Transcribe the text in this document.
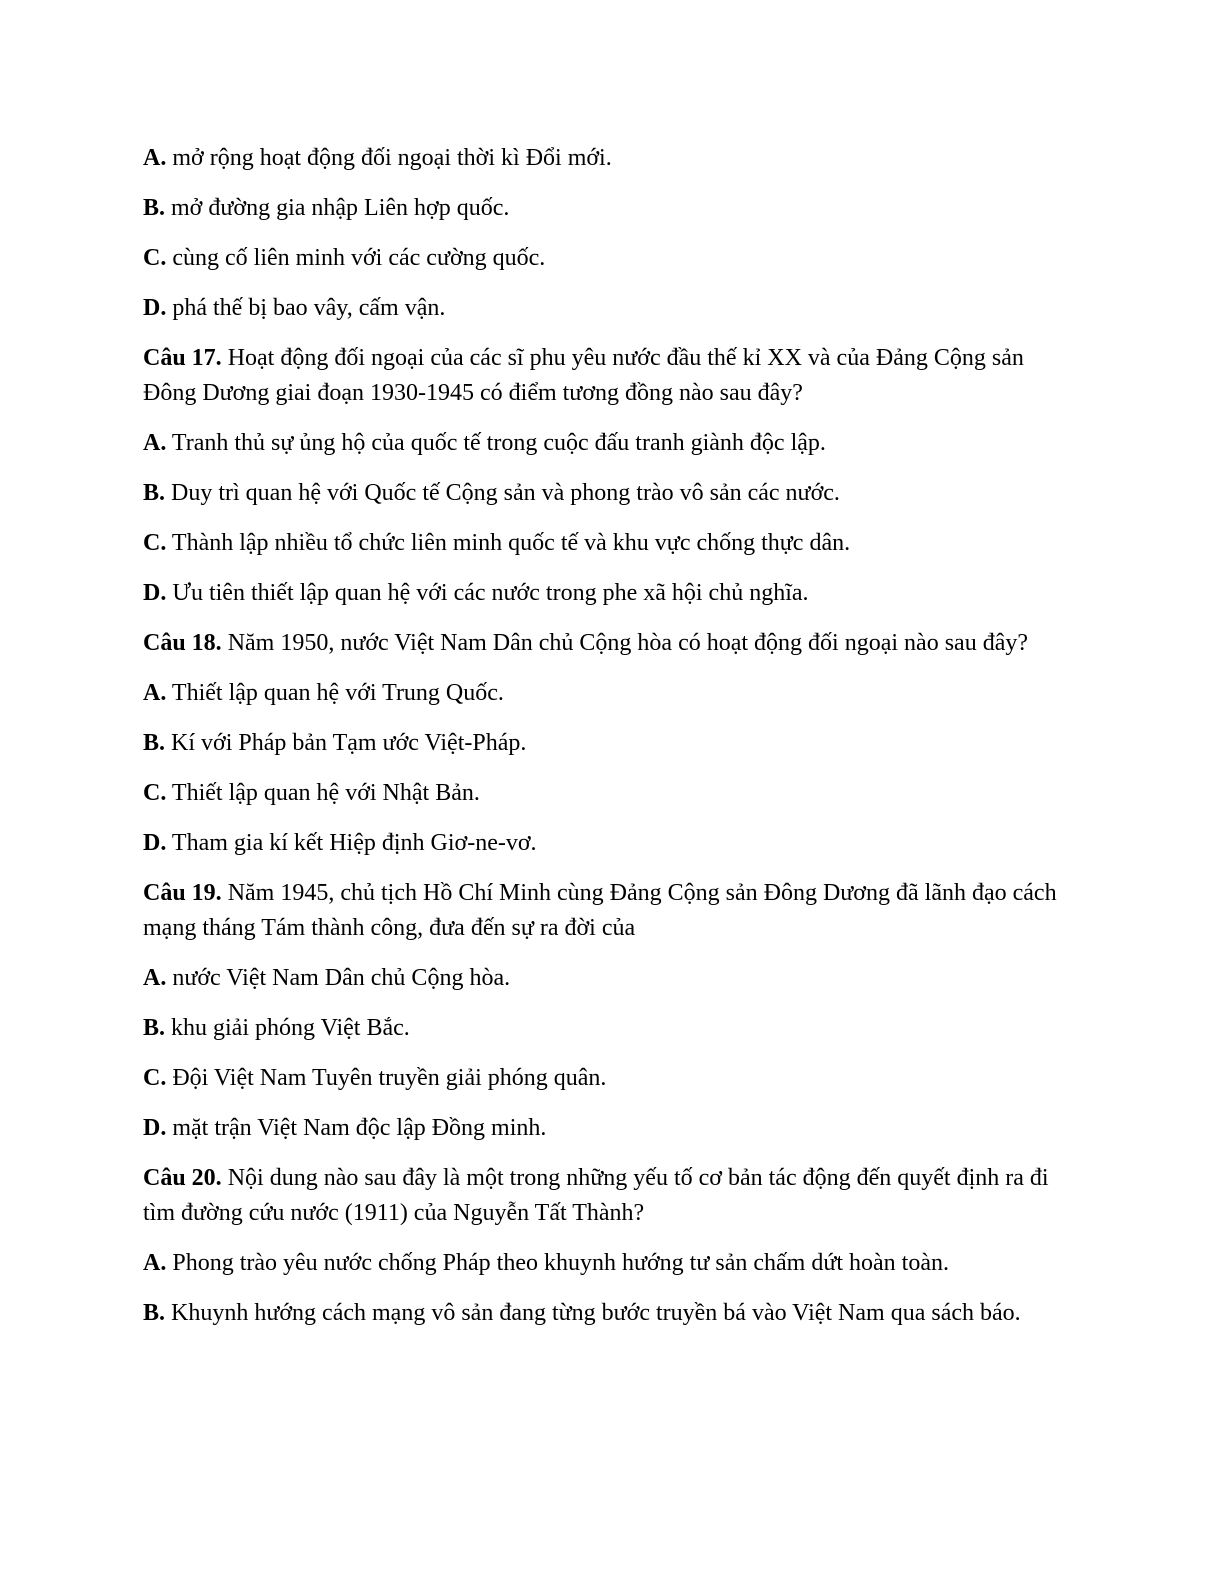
A. mở rộng hoạt động đối ngoại thời kì Đổi mới.
B. mở đường gia nhập Liên hợp quốc.
C. cùng cố liên minh với các cường quốc.
D. phá thế bị bao vây, cấm vận.
Câu 17. Hoạt động đối ngoại của các sĩ phu yêu nước đầu thế kỉ XX và của Đảng Cộng sản Đông Dương giai đoạn 1930-1945 có điểm tương đồng nào sau đây?
A. Tranh thủ sự ủng hộ của quốc tế trong cuộc đấu tranh giành độc lập.
B. Duy trì quan hệ với Quốc tế Cộng sản và phong trào vô sản các nước.
C. Thành lập nhiều tổ chức liên minh quốc tế và khu vực chống thực dân.
D. Ưu tiên thiết lập quan hệ với các nước trong phe xã hội chủ nghĩa.
Câu 18. Năm 1950, nước Việt Nam Dân chủ Cộng hòa có hoạt động đối ngoại nào sau đây?
A. Thiết lập quan hệ với Trung Quốc.
B. Kí với Pháp bản Tạm ước Việt-Pháp.
C. Thiết lập quan hệ với Nhật Bản.
D. Tham gia kí kết Hiệp định Giơ-ne-vơ.
Câu 19. Năm 1945, chủ tịch Hồ Chí Minh cùng Đảng Cộng sản Đông Dương đã lãnh đạo cách mạng tháng Tám thành công, đưa đến sự ra đời của
A. nước Việt Nam Dân chủ Cộng hòa.
B. khu giải phóng Việt Bắc.
C. Đội Việt Nam Tuyên truyền giải phóng quân.
D. mặt trận Việt Nam độc lập Đồng minh.
Câu 20. Nội dung nào sau đây là một trong những yếu tố cơ bản tác động đến quyết định ra đi tìm đường cứu nước (1911) của Nguyễn Tất Thành?
A. Phong trào yêu nước chống Pháp theo khuynh hướng tư sản chấm dứt hoàn toàn.
B. Khuynh hướng cách mạng vô sản đang từng bước truyền bá vào Việt Nam qua sách báo.
